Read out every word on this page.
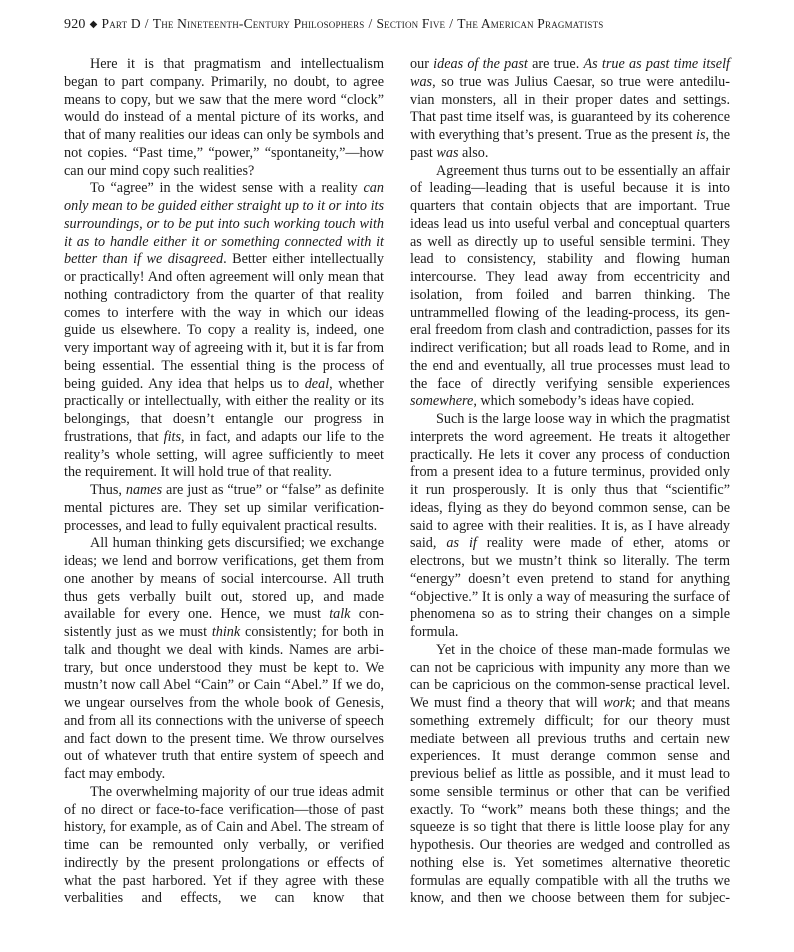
920 ◆ Part D / The Nineteenth-Century Philosophers / Section Five / The American Pragmatists

Here it is that pragmatism and intellectualism began to part company. Primarily, no doubt, to agree means to copy, but we saw that the mere word “clock” would do instead of a mental picture of its works, and that of many realities our ideas can only be symbols and not copies. “Past time,” “power,” “spontaneity,”—how can our mind copy such realities?

To “agree” in the widest sense with a reality can only mean to be guided either straight up to it or into its surroundings, or to be put into such working touch with it as to handle either it or something connected with it better than if we disagreed. Better either intellectually or practically! And often agreement will only mean that nothing contradictory from the quarter of that reality comes to interfere with the way in which our ideas guide us elsewhere. To copy a reality is, indeed, one very important way of agreeing with it, but it is far from being essential. The essential thing is the process of being guided. Any idea that helps us to deal, whether practically or intellectually, with either the reality or its belongings, that doesn’t entangle our progress in frustrations, that fits, in fact, and adapts our life to the reality’s whole setting, will agree sufficiently to meet the requirement. It will hold true of that reality.

Thus, names are just as “true” or “false” as definite mental pictures are. They set up similar verification-processes, and lead to fully equivalent practical results.

All human thinking gets discursified; we exchange ideas; we lend and borrow verifications, get them from one another by means of social intercourse. All truth thus gets verbally built out, stored up, and made available for every one. Hence, we must talk consistently just as we must think consistently; for both in talk and thought we deal with kinds. Names are arbitrary, but once understood they must be kept to. We mustn’t now call Abel “Cain” or Cain “Abel.” If we do, we ungear ourselves from the whole book of Genesis, and from all its connections with the universe of speech and fact down to the present time. We throw ourselves out of whatever truth that entire system of speech and fact may embody.

The overwhelming majority of our true ideas admit of no direct or face-to-face verification—those of past history, for example, as of Cain and Abel. The stream of time can be remounted only verbally, or verified indirectly by the present prolongations or effects of what the past harbored. Yet if they agree with these verbalities and effects, we can know that

our ideas of the past are true. As true as past time itself was, so true was Julius Caesar, so true were antediluvian monsters, all in their proper dates and settings. That past time itself was, is guaranteed by its coherence with everything that’s present. True as the present is, the past was also.

Agreement thus turns out to be essentially an affair of leading—leading that is useful because it is into quarters that contain objects that are important. True ideas lead us into useful verbal and conceptual quarters as well as directly up to useful sensible termini. They lead to consistency, stability and flowing human intercourse. They lead away from eccentricity and isolation, from foiled and barren thinking. The untrammelled flowing of the leading-process, its general freedom from clash and contradiction, passes for its indirect verification; but all roads lead to Rome, and in the end and eventually, all true processes must lead to the face of directly verifying sensible experiences somewhere, which somebody’s ideas have copied.

Such is the large loose way in which the pragmatist interprets the word agreement. He treats it altogether practically. He lets it cover any process of conduction from a present idea to a future terminus, provided only it run prosperously. It is only thus that “scientific” ideas, flying as they do beyond common sense, can be said to agree with their realities. It is, as I have already said, as if reality were made of ether, atoms or electrons, but we mustn’t think so literally. The term “energy” doesn’t even pretend to stand for anything “objective.” It is only a way of measuring the surface of phenomena so as to string their changes on a simple formula.

Yet in the choice of these man-made formulas we can not be capricious with impunity any more than we can be capricious on the common-sense practical level. We must find a theory that will work; and that means something extremely difficult; for our theory must mediate between all previous truths and certain new experiences. It must derange common sense and previous belief as little as possible, and it must lead to some sensible terminus or other that can be verified exactly. To “work” means both these things; and the squeeze is so tight that there is little loose play for any hypothesis. Our theories are wedged and controlled as nothing else is. Yet sometimes alternative theoretic formulas are equally compatible with all the truths we know, and then we choose between them for subjec-
